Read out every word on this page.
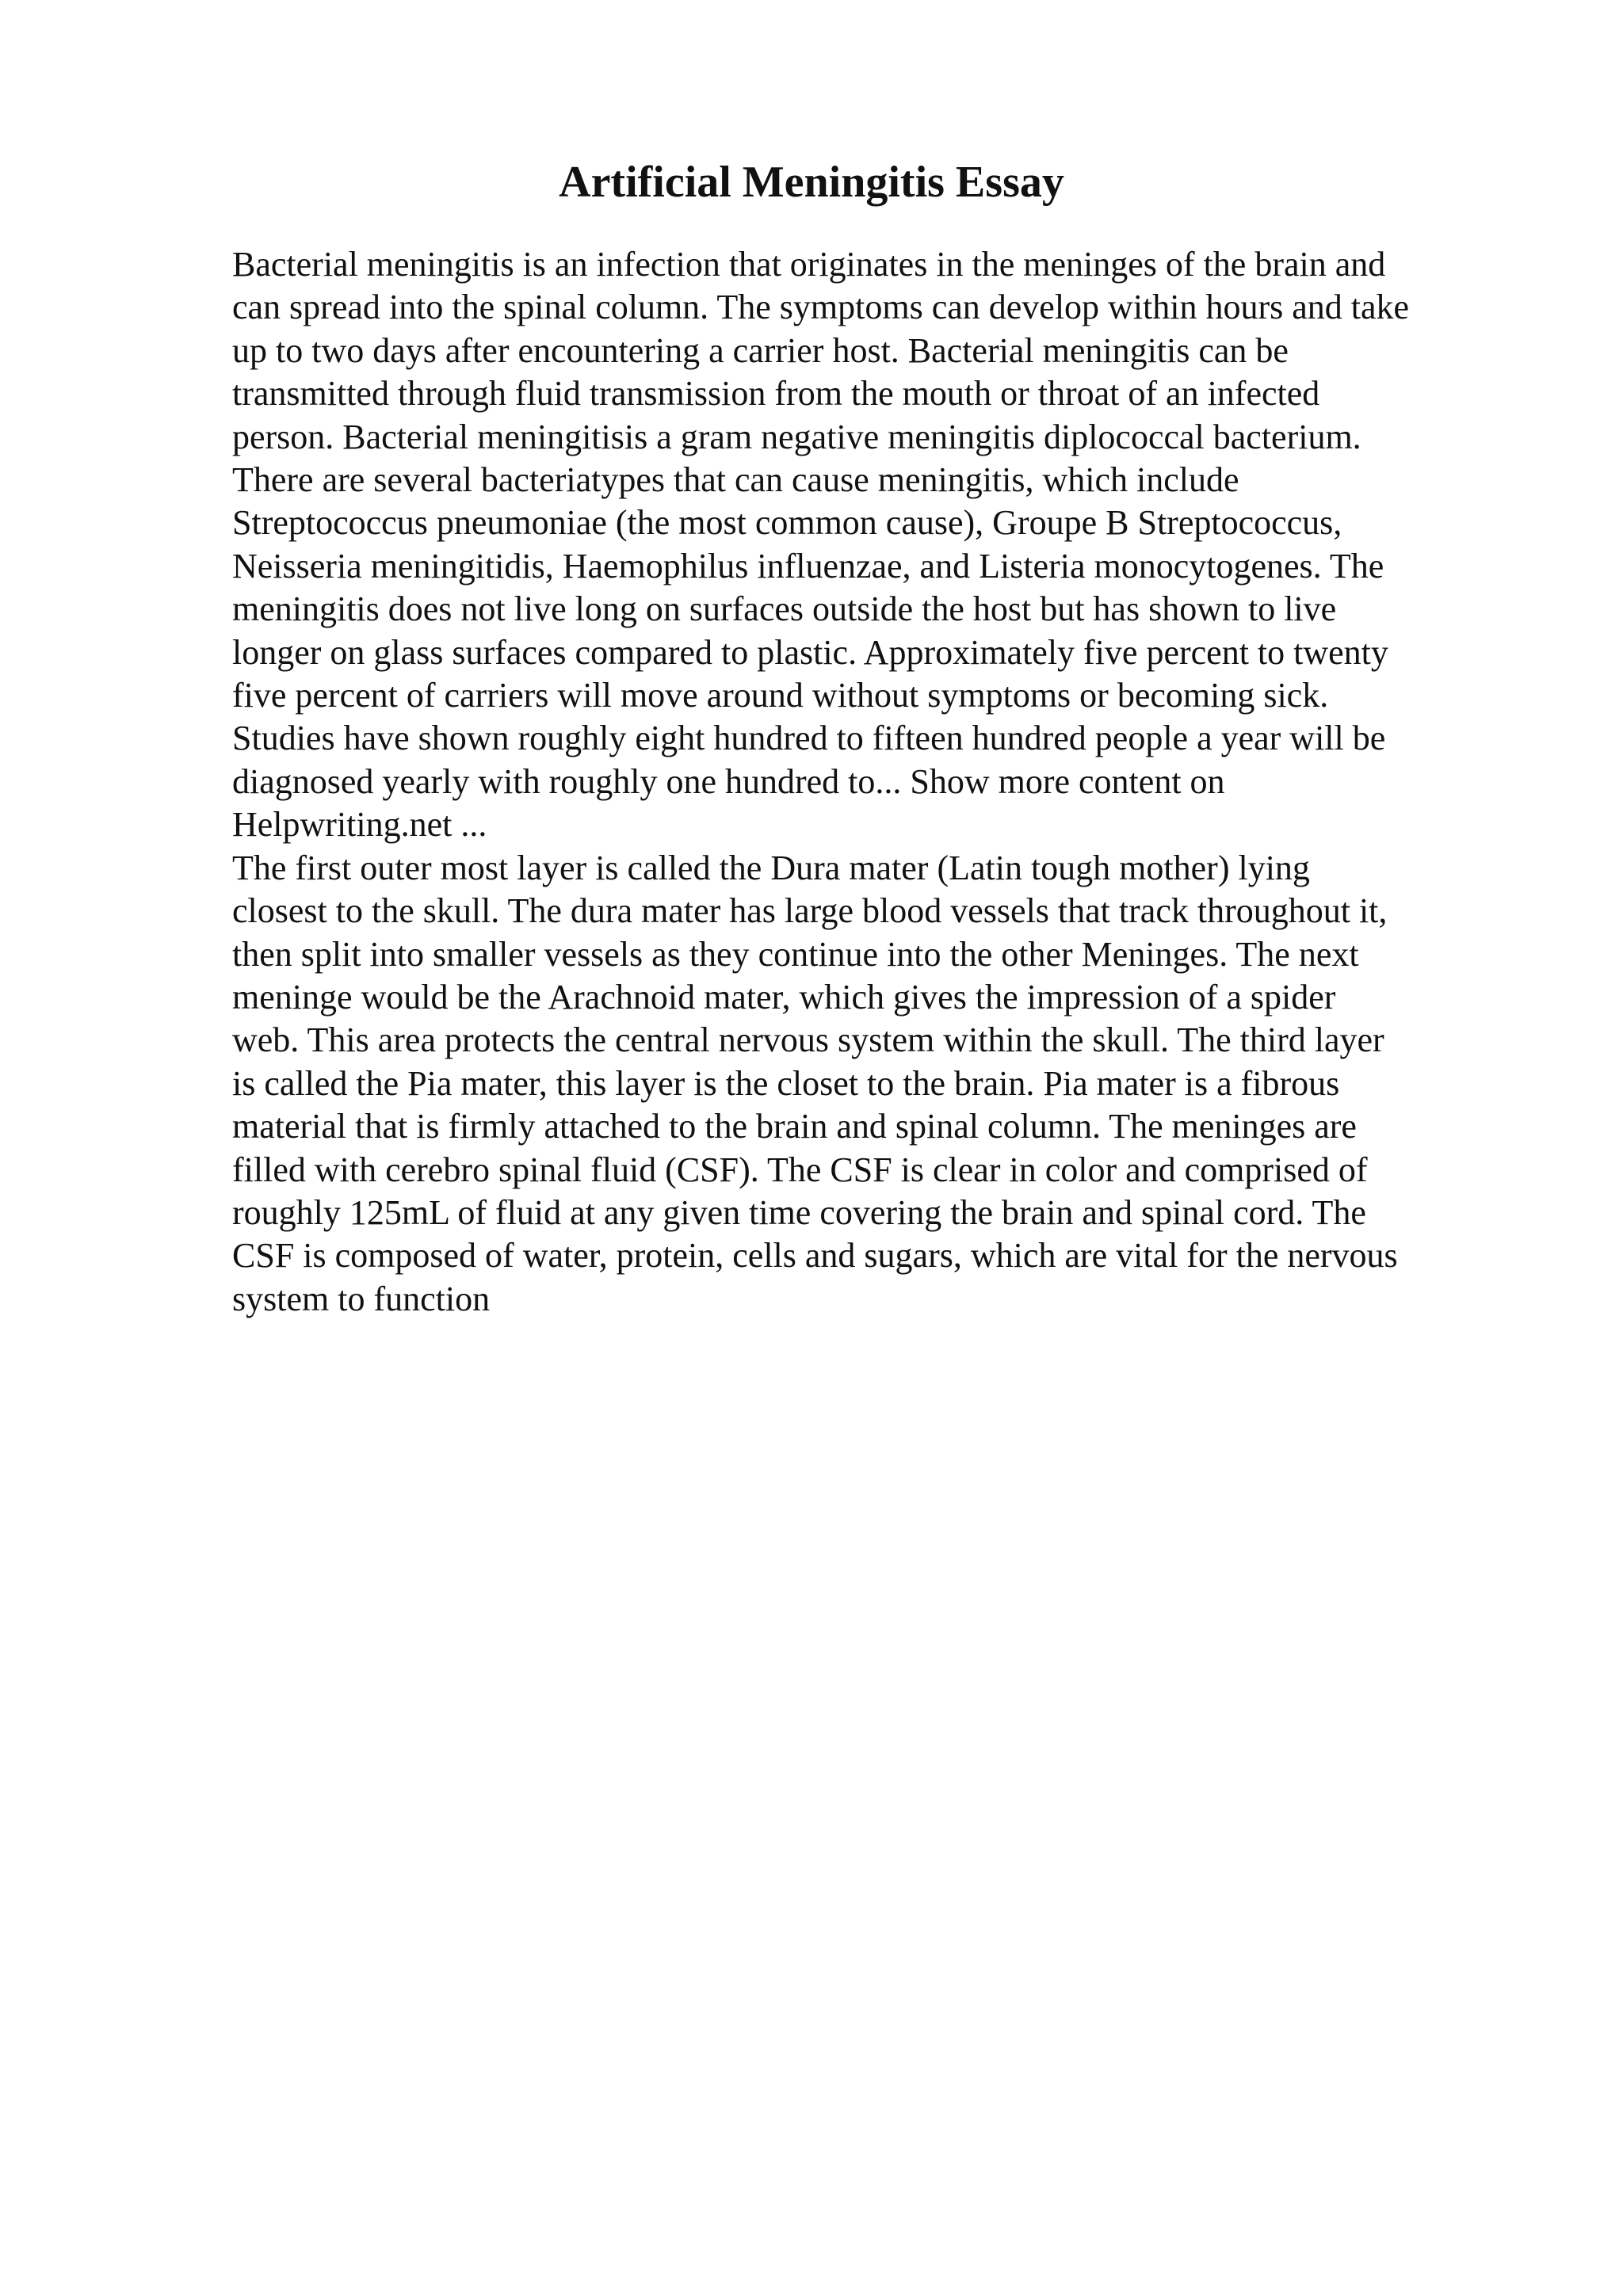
Artificial Meningitis Essay
Bacterial meningitis is an infection that originates in the meninges of the brain and
can spread into the spinal column. The symptoms can develop within hours and take
up to two days after encountering a carrier host. Bacterial meningitis can be
transmitted through fluid transmission from the mouth or throat of an infected
person. Bacterial meningitisis a gram negative meningitis diplococcal bacterium.
There are several bacteriatypes that can cause meningitis, which include
Streptococcus pneumoniae (the most common cause), Groupe B Streptococcus,
Neisseria meningitidis, Haemophilus influenzae, and Listeria monocytogenes. The
meningitis does not live long on surfaces outside the host but has shown to live
longer on glass surfaces compared to plastic. Approximately five percent to twenty
five percent of carriers will move around without symptoms or becoming sick.
Studies have shown roughly eight hundred to fifteen hundred people a year will be
diagnosed yearly with roughly one hundred to... Show more content on
Helpwriting.net ...
The first outer most layer is called the Dura mater (Latin tough mother) lying
closest to the skull. The dura mater has large blood vessels that track throughout it,
then split into smaller vessels as they continue into the other Meninges. The next
meninge would be the Arachnoid mater, which gives the impression of a spider
web. This area protects the central nervous system within the skull. The third layer
is called the Pia mater, this layer is the closet to the brain. Pia mater is a fibrous
material that is firmly attached to the brain and spinal column. The meninges are
filled with cerebro spinal fluid (CSF). The CSF is clear in color and comprised of
roughly 125mL of fluid at any given time covering the brain and spinal cord. The
CSF is composed of water, protein, cells and sugars, which are vital for the nervous
system to function
